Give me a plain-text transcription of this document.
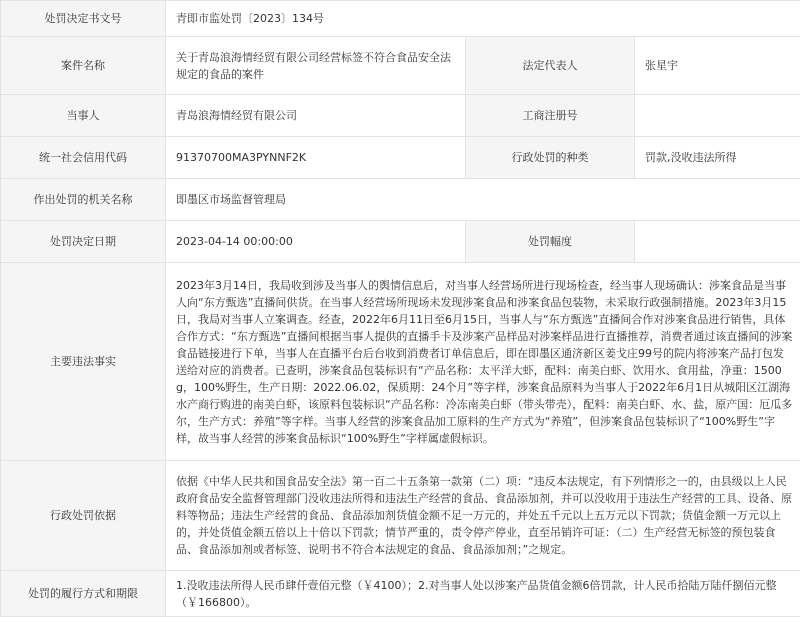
处罚决定书文号	青即市监处罚〔2023〕134号		
案件名称	关于青岛浪海情经贸有限公司经营标签不符合食品安全法规定的食品的案件	法定代表人	张星宇
当事人	青岛浪海情经贸有限公司	工商注册号	
统一社会信用代码	91370700MA3PYNNF2K	行政处罚的种类	罚款,没收违法所得
作出处罚的机关名称	即墨区市场监督管理局		
处罚决定日期	2023-04-14 00:00:00	处罚幅度	
主要违法事实	2023年3月14日，我局收到涉及当事人的舆情信息后，对当事人经营场所进行现场检查，经当事人现场确认：涉案食品是当事人向“东方甄选”直播间供货。在当事人经营场所现场未发现涉案食品和涉案食品包装物，未采取行政强制措施。2023年3月15日，我局对当事人立案调查。经查，2022年6月11日至6月15日，当事人与“东方甄选”直播间合作对涉案食品进行销售，具体合作方式：“东方甄选”直播间根据当事人提供的直播手卡及涉案产品样品对涉案样品进行直播推荐，消费者通过该直播间的涉案食品链接进行下单，当事人在直播平台后台收到消费者订单信息后，即在即墨区通济新区姜戈庄99号的院内将涉案产品打包发送给对应的消费者。已查明，涉案食品包装标识有“产品名称：太平洋大虾，配料：南美白虾、饮用水、食用盐，净重：1500g，100%野生，生产日期：2022.06.02，保质期：24个月”等字样，涉案食品原料为当事人于2022年6月1日从城阳区江湖海水产商行购进的南美白虾，该原料包装标识“产品名称：冷冻南美白虾（带头带壳），配料：南美白虾、水、盐，原产国：厄瓜多尔，生产方式：养殖”等字样。当事人经营的涉案食品加工原料的生产方式为“养殖”，但涉案食品包装标识了“100%野生”字样，故当事人经营的涉案食品标识“100%野生”字样属虚假标识。		
行政处罚依据	依据《中华人民共和国食品安全法》第一百二十五条第一款第（二）项：“违反本法规定，有下列情形之一的，由县级以上人民政府食品安全监督管理部门没收违法所得和违法生产经营的食品、食品添加剂，并可以没收用于违法生产经营的工具、设备、原料等物品；违法生产经营的食品、食品添加剂货值金额不足一万元的，并处五千元以上五万元以下罚款；货值金额一万元以上的，并处货值金额五倍以上十倍以下罚款；情节严重的，责令停产停业，直至吊销许可证：（二）生产经营无标签的预包装食品、食品添加剂或者标签、说明书不符合本法规定的食品、食品添加剂；”之规定。		
处罚的履行方式和期限	1.没收违法所得人民币肆仟壹佰元整（￥4100）；2.对当事人处以涉案产品货值金额6倍罚款，计人民币拾陆万陆仟捌佰元整（￥166800）。		
